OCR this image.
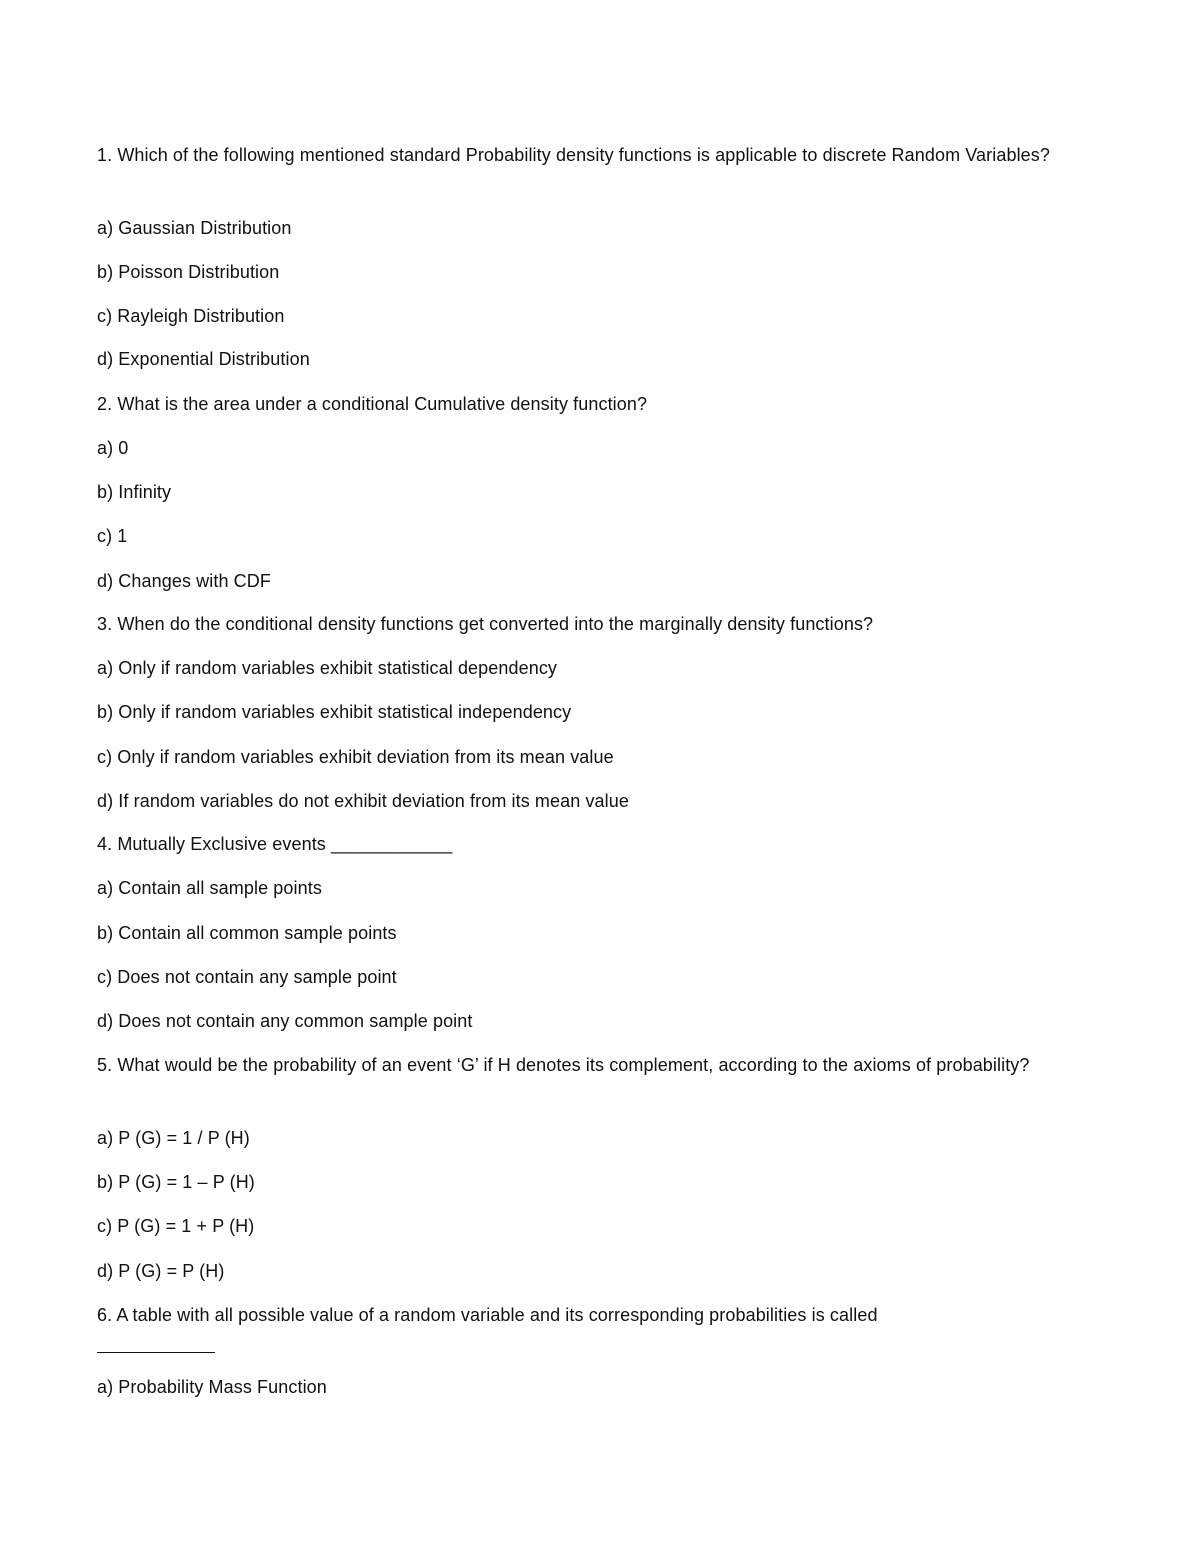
1. Which of the following mentioned standard Probability density functions is applicable to discrete Random Variables?
a) Gaussian Distribution
b) Poisson Distribution
c) Rayleigh Distribution
d) Exponential Distribution
2. What is the area under a conditional Cumulative density function?
a) 0
b) Infinity
c) 1
d) Changes with CDF
3. When do the conditional density functions get converted into the marginally density functions?
a) Only if random variables exhibit statistical dependency
b) Only if random variables exhibit statistical independency
c) Only if random variables exhibit deviation from its mean value
d) If random variables do not exhibit deviation from its mean value
4. Mutually Exclusive events ____________
a) Contain all sample points
b) Contain all common sample points
c) Does not contain any sample point
d) Does not contain any common sample point
5. What would be the probability of an event ‘G’ if H denotes its complement, according to the axioms of probability?
a) P (G) = 1 / P (H)
b) P (G) = 1 – P (H)
c) P (G) = 1 + P (H)
d) P (G) = P (H)
6. A table with all possible value of a random variable and its corresponding probabilities is called
a) Probability Mass Function
